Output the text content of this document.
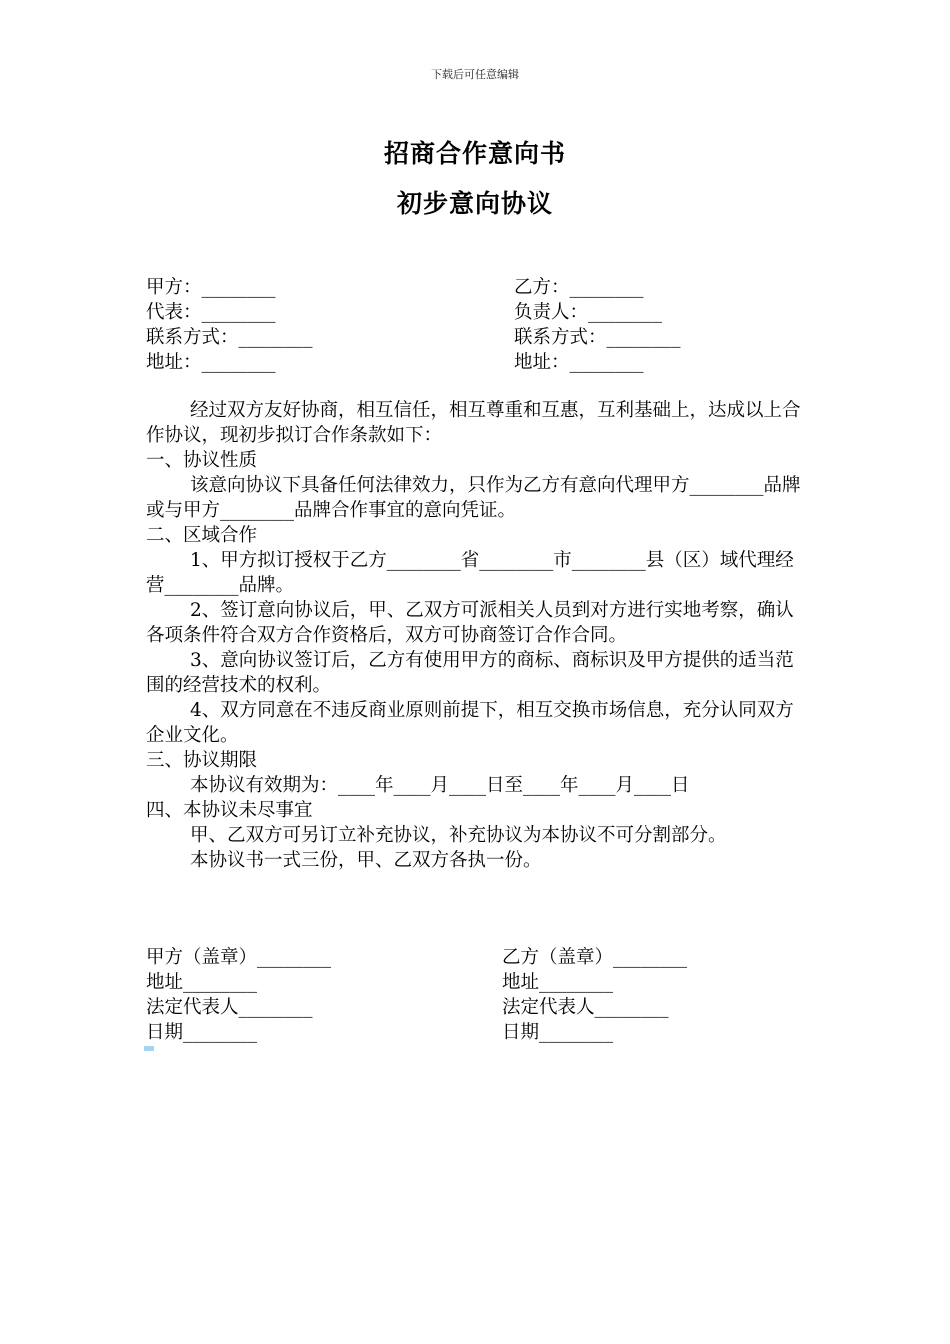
下载后可任意编辑
招商合作意向书
初步意向协议
甲方：________	乙方：________
代表：________	负责人：________
联系方式：________	联系方式：________
地址：________	地址：________

经过双方友好协商，相互信任，相互尊重和互惠，互利基础上，达成以上合作协议，现初步拟订合作条款如下：

一、协议性质

该意向协议下具备任何法律效力，只作为乙方有意向代理甲方________品牌或与甲方________品牌合作事宜的意向凭证。

二、区域合作

1、甲方拟订授权于乙方________省________市________县（区）域代理经营________品牌。

2、签订意向协议后，甲、乙双方可派相关人员到对方进行实地考察，确认各项条件符合双方合作资格后，双方可协商签订合作合同。

3、意向协议签订后，乙方有使用甲方的商标、商标识及甲方提供的适当范围的经营技术的权利。

4、双方同意在不违反商业原则前提下，相互交换市场信息，充分认同双方企业文化。

三、协议期限

本协议有效期为：____年____月____日至____年____月____日

四、本协议未尽事宜

甲、乙双方可另订立补充协议，补充协议为本协议不可分割部分。

本协议书一式三份，甲、乙双方各执一份。

甲方（盖章）________	乙方（盖章）________
地址________	地址________
法定代表人________	法定代表人________
日期________	日期________
